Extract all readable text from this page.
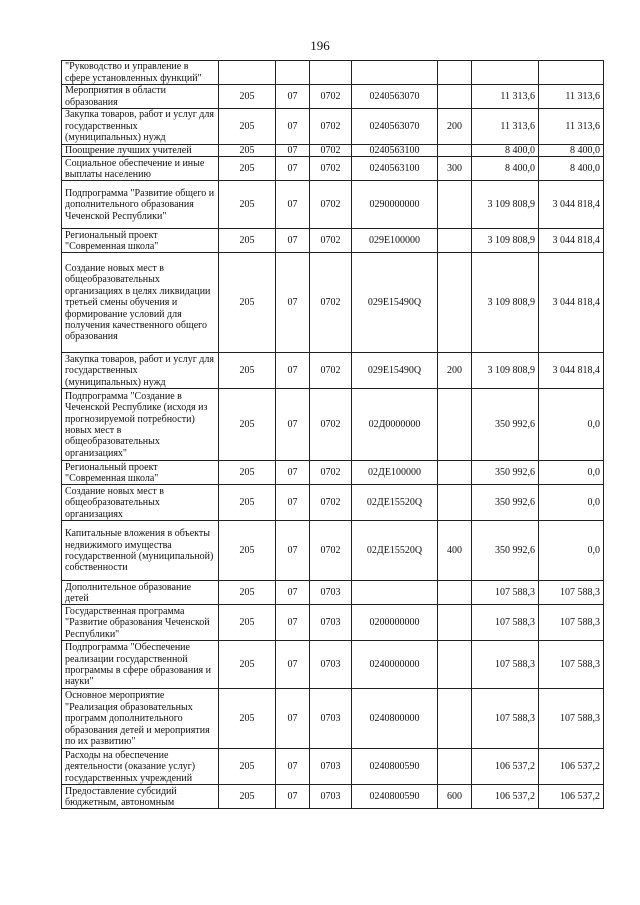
196
"Руководство и управление в сфере установленных функций"							
Мероприятия в области образования	205	07	0702	0240563070		11 313,6	11 313,6
Закупка товаров, работ и услуг для государственных (муниципальных) нужд	205	07	0702	0240563070	200	11 313,6	11 313,6
Поощрение лучших учителей	205	07	0702	0240563100		8 400,0	8 400,0
Социальное обеспечение и иные выплаты населению	205	07	0702	0240563100	300	8 400,0	8 400,0
Подпрограмма "Развитие общего и дополнительного образования Чеченской Республики"	205	07	0702	0290000000		3 109 808,9	3 044 818,4
Региональный проект "Современная школа"	205	07	0702	029E100000		3 109 808,9	3 044 818,4
Создание новых мест в общеобразовательных организациях в целях ликвидации третьей смены обучения и формирование условий для получения качественного общего образования	205	07	0702	029E15490Q		3 109 808,9	3 044 818,4
Закупка товаров, работ и услуг для государственных (муниципальных) нужд	205	07	0702	029E15490Q	200	3 109 808,9	3 044 818,4
Подпрограмма "Создание в Чеченской Республике (исходя из прогнозируемой потребности) новых мест в общеобразовательных организациях"	205	07	0702	02Д0000000		350 992,6	0,0
Региональный проект "Современная школа"	205	07	0702	02ДЕ100000		350 992,6	0,0
Создание новых мест в общеобразовательных организациях	205	07	0702	02ДЕ15520Q		350 992,6	0,0
Капитальные вложения в объекты недвижимого имущества государственной (муниципальной) собственности	205	07	0702	02ДЕ15520Q	400	350 992,6	0,0
Дополнительное образование детей	205	07	0703			107 588,3	107 588,3
Государственная программа "Развитие образования Чеченской Республики"	205	07	0703	0200000000		107 588,3	107 588,3
Подпрограмма "Обеспечение реализации государственной программы в сфере образования и науки"	205	07	0703	0240000000		107 588,3	107 588,3
Основное мероприятие "Реализация образовательных программ дополнительного образования детей и мероприятия по их развитию"	205	07	0703	0240800000		107 588,3	107 588,3
Расходы на обеспечение деятельности (оказание услуг) государственных учреждений	205	07	0703	0240800590		106 537,2	106 537,2
Предоставление субсидий бюджетным, автономным	205	07	0703	0240800590	600	106 537,2	106 537,2
